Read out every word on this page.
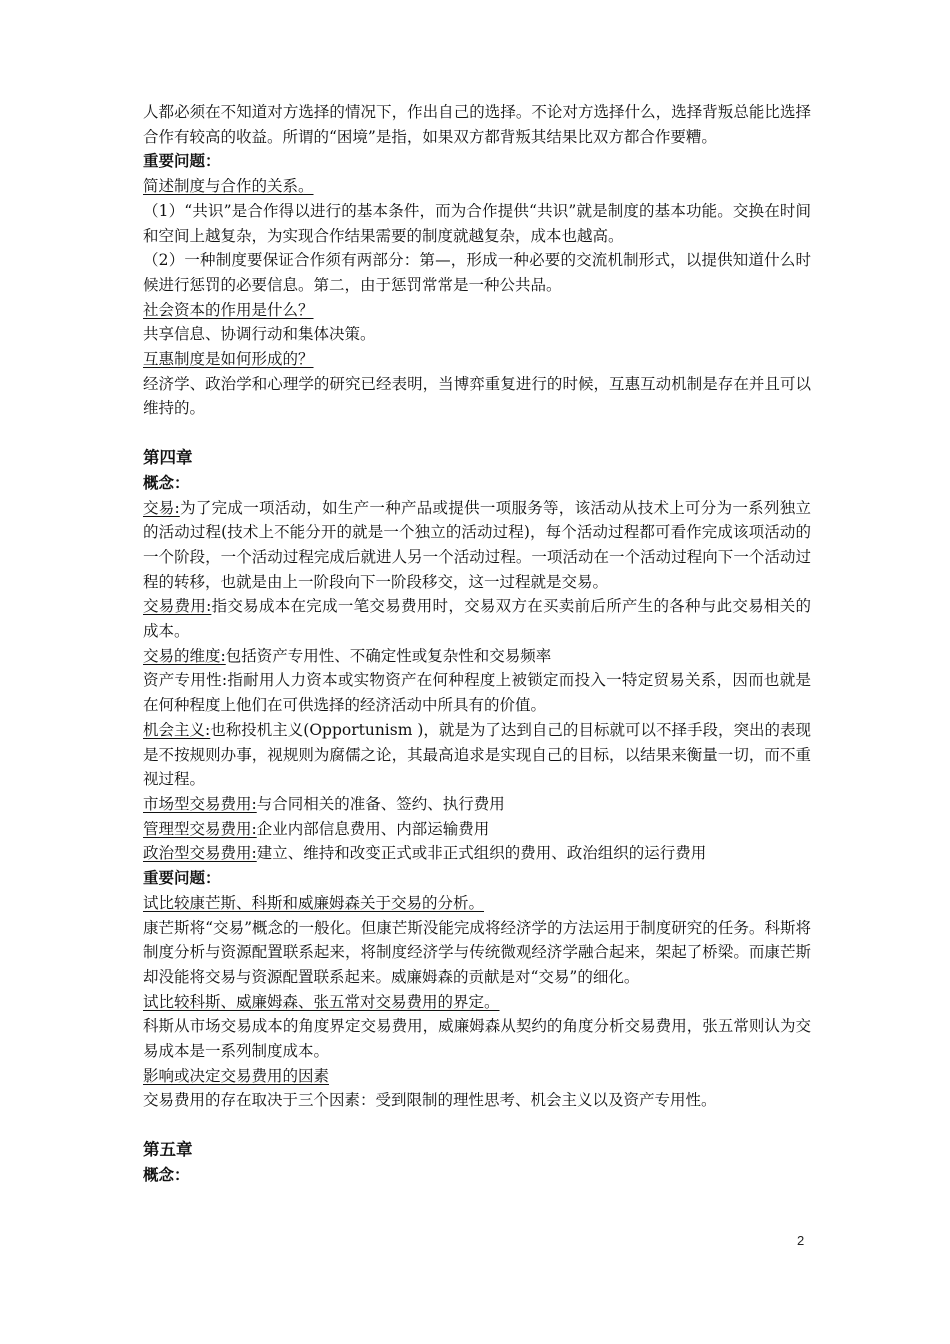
人都必须在不知道对方选择的情况下，作出自己的选择。不论对方选择什么，选择背叛总能比选择合作有较高的收益。所谓的“困境”是指，如果双方都背叛其结果比双方都合作要糟。

重要问题：

简述制度与合作的关系。

（1）“共识”是合作得以进行的基本条件，而为合作提供“共识”就是制度的基本功能。交换在时间和空间上越复杂，为实现合作结果需要的制度就越复杂，成本也越高。

（2）一种制度要保证合作须有两部分：第—，形成一种必要的交流机制形式，以提供知道什么时候进行惩罚的必要信息。第二，由于惩罚常常是一种公共品。

社会资本的作用是什么？

共享信息、协调行动和集体决策。

互惠制度是如何形成的？

经济学、政治学和心理学的研究已经表明，当博弈重复进行的时候，互惠互动机制是存在并且可以维持的。

第四章

概念：

交易:为了完成一项活动，如生产一种产品或提供一项服务等，该活动从技术上可分为一系列独立的活动过程(技术上不能分开的就是一个独立的活动过程)，每个活动过程都可看作完成该项活动的一个阶段，一个活动过程完成后就进人另一个活动过程。一项活动在一个活动过程向下一个活动过程的转移，也就是由上一阶段向下一阶段移交，这一过程就是交易。

交易费用:指交易成本在完成一笔交易费用时，交易双方在买卖前后所产生的各种与此交易相关的成本。

交易的维度:包括资产专用性、不确定性或复杂性和交易频率

资产专用性:指耐用人力资本或实物资产在何种程度上被锁定而投入一特定贸易关系，因而也就是在何种程度上他们在可供选择的经济活动中所具有的价值。

机会主义:也称投机主义(Opportunism )，就是为了达到自己的目标就可以不择手段，突出的表现是不按规则办事，视规则为腐儒之论，其最高追求是实现自己的目标，以结果来衡量一切，而不重视过程。

市场型交易费用:与合同相关的准备、签约、执行费用

管理型交易费用:企业内部信息费用、内部运输费用

政治型交易费用:建立、维持和改变正式或非正式组织的费用、政治组织的运行费用

重要问题：

试比较康芒斯、科斯和威廉姆森关于交易的分析。

康芒斯将“交易”概念的一般化。但康芒斯没能完成将经济学的方法运用于制度研究的任务。科斯将制度分析与资源配置联系起来，将制度经济学与传统微观经济学融合起来，架起了桥梁。而康芒斯却没能将交易与资源配置联系起来。威廉姆森的贡献是对“交易”的细化。

试比较科斯、威廉姆森、张五常对交易费用的界定。

科斯从市场交易成本的角度界定交易费用，威廉姆森从契约的角度分析交易费用，张五常则认为交易成本是一系列制度成本。

影响或决定交易费用的因素

交易费用的存在取决于三个因素：受到限制的理性思考、机会主义以及资产专用性。

第五章

概念：

2
